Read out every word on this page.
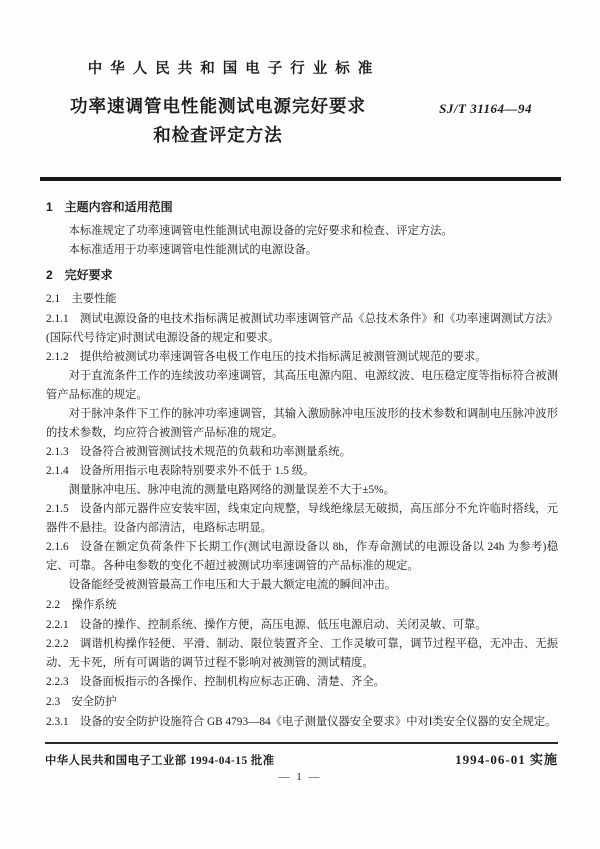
中华人民共和国电子行业标准
功率速调管电性能测试电源完好要求
和检查评定方法
SJ/T 31164—94

1　主题内容和适用范围

本标准规定了功率速调管电性能测试电源设备的完好要求和检查、评定方法。

本标准适用于功率速调管电性能测试的电源设备。

2　完好要求

2.1　主要性能

2.1.1　测试电源设备的电技术指标满足被测试功率速调管产品《总技术条件》和《功率速调测试方法》(国际代号待定)时测试电源设备的规定和要求。

2.1.2　提供给被测试功率速调管各电极工作电压的技术指标满足被测管测试规范的要求。

对于直流条件工作的连续波功率速调管，其高压电源内阻、电源纹波、电压稳定度等指标符合被测管产品标准的规定。

对于脉冲条件下工作的脉冲功率速调管，其输入激励脉冲电压波形的技术参数和调制电压脉冲波形的技术参数，均应符合被测管产品标准的规定。

2.1.3　设备符合被测管测试技术规范的负载和功率测量系统。

2.1.4　设备所用指示电表除特别要求外不低于 1.5 级。

测量脉冲电压、脉冲电流的测量电路网络的测量误差不大于±5%。

2.1.5　设备内部元器件应安装牢固，线束定向规整，导线绝缘层无破损，高压部分不允许临时搭线，元器件不悬挂。设备内部清洁，电路标志明显。

2.1.6　设备在额定负荷条件下长期工作(测试电源设备以 8h，作寿命测试的电源设备以 24h 为参考)稳定、可靠。各种电参数的变化不超过被测试功率速调管的产品标准的规定。

设备能经受被测管最高工作电压和大于最大额定电流的瞬间冲击。

2.2　操作系统

2.2.1　设备的操作、控制系统、操作方便，高压电源、低压电源启动、关闭灵敏、可靠。

2.2.2　调谐机构操作轻便、平滑、制动、限位装置齐全、工作灵敏可靠，调节过程平稳，无冲击、无振动、无卡死，所有可调谐的调节过程不影响对被测管的测试精度。

2.2.3　设备面板指示的各操作、控制机构应标志正确、清楚、齐全。

2.3　安全防护

2.3.1　设备的安全防护设施符合 GB 4793—84《电子测量仪器安全要求》中对Ⅰ类安全仪器的安全规定。

中华人民共和国电子工业部 1994-04-15 批准	1994-06-01 实施
— 1 —
